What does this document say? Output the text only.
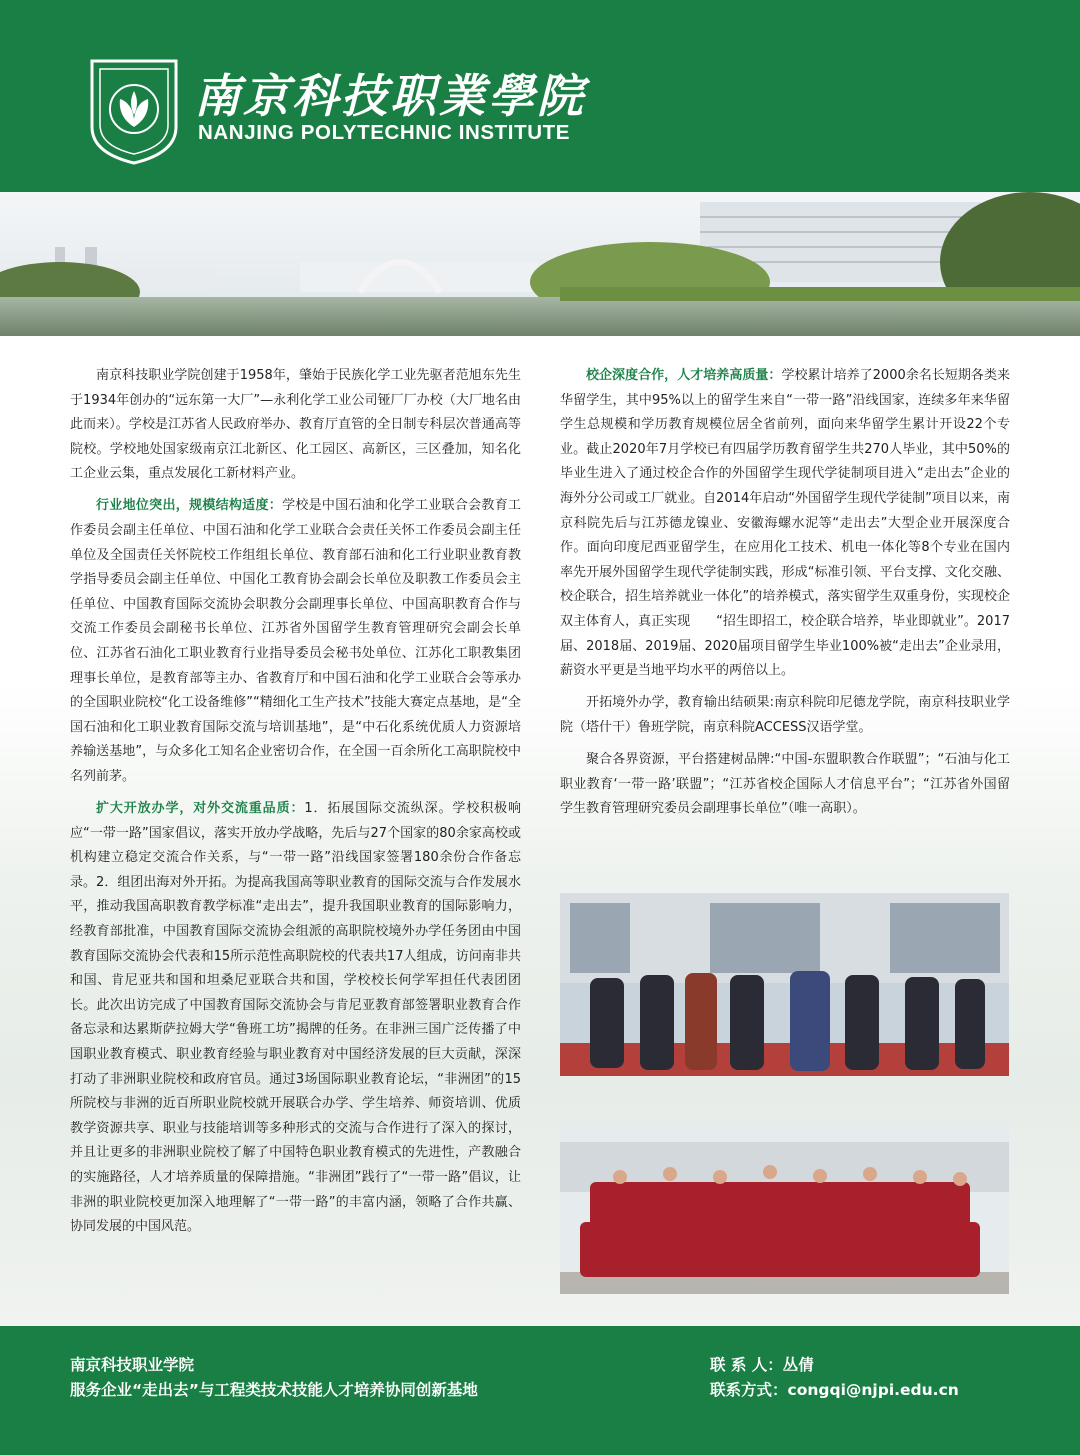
南京科技职業學院
NANJING POLYTECHNIC INSTITUTE

南京科技职业学院创建于1958年，肇始于民族化学工业先驱者范旭东先生于1934年创办的“远东第一大厂”—永利化学工业公司铔厂厂办校（大厂地名由此而来）。学校是江苏省人民政府举办、教育厅直管的全日制专科层次普通高等院校。学校地处国家级南京江北新区、化工园区、高新区，三区叠加，知名化工企业云集，重点发展化工新材料产业。

行业地位突出，规模结构适度：学校是中国石油和化学工业联合会教育工作委员会副主任单位、中国石油和化学工业联合会责任关怀工作委员会副主任单位及全国责任关怀院校工作组组长单位、教育部石油和化工行业职业教育教学指导委员会副主任单位、中国化工教育协会副会长单位及职教工作委员会主任单位、中国教育国际交流协会职教分会副理事长单位、中国高职教育合作与交流工作委员会副秘书长单位、江苏省外国留学生教育管理研究会副会长单位、江苏省石油化工职业教育行业指导委员会秘书处单位、江苏化工职教集团理事长单位，是教育部等主办、省教育厅和中国石油和化学工业联合会等承办的全国职业院校“化工设备维修”“精细化工生产技术”技能大赛定点基地，是“全国石油和化工职业教育国际交流与培训基地”，是“中石化系统优质人力资源培养输送基地”，与众多化工知名企业密切合作，在全国一百余所化工高职院校中名列前茅。

扩大开放办学，对外交流重品质：1．拓展国际交流纵深。学校积极响应“一带一路”国家倡议，落实开放办学战略，先后与27个国家的80余家高校或机构建立稳定交流合作关系，与“一带一路”沿线国家签署180余份合作备忘录。2．组团出海对外开拓。为提高我国高等职业教育的国际交流与合作发展水平，推动我国高职教育教学标准“走出去”，提升我国职业教育的国际影响力，经教育部批准，中国教育国际交流协会组派的高职院校境外办学任务团由中国教育国际交流协会代表和15所示范性高职院校的代表共17人组成，访问南非共和国、肯尼亚共和国和坦桑尼亚联合共和国，学校校长何学军担任代表团团长。此次出访完成了中国教育国际交流协会与肯尼亚教育部签署职业教育合作备忘录和达累斯萨拉姆大学“鲁班工坊”揭牌的任务。在非洲三国广泛传播了中国职业教育模式、职业教育经验与职业教育对中国经济发展的巨大贡献，深深打动了非洲职业院校和政府官员。通过3场国际职业教育论坛，“非洲团”的15所院校与非洲的近百所职业院校就开展联合办学、学生培养、师资培训、优质教学资源共享、职业与技能培训等多种形式的交流与合作进行了深入的探讨，并且让更多的非洲职业院校了解了中国特色职业教育模式的先进性，产教融合的实施路径，人才培养质量的保障措施。“非洲团”践行了“一带一路”倡议，让非洲的职业院校更加深入地理解了“一带一路”的丰富内涵，领略了合作共赢、协同发展的中国风范。

校企深度合作，人才培养高质量：学校累计培养了2000余名长短期各类来华留学生，其中95%以上的留学生来自“一带一路”沿线国家，连续多年来华留学生总规模和学历教育规模位居全省前列，面向来华留学生累计开设22个专业。截止2020年7月学校已有四届学历教育留学生共270人毕业，其中50%的毕业生进入了通过校企合作的外国留学生现代学徒制项目进入“走出去”企业的海外分公司或工厂就业。自2014年启动“外国留学生现代学徒制”项目以来，南京科院先后与江苏德龙镍业、安徽海螺水泥等“走出去”大型企业开展深度合作。面向印度尼西亚留学生，在应用化工技术、机电一体化等8个专业在国内率先开展外国留学生现代学徒制实践，形成“标准引领、平台支撑、文化交融、校企联合，招生培养就业一体化”的培养模式，落实留学生双重身份，实现校企双主体育人，真正实现　　“招生即招工，校企联合培养，毕业即就业”。2017届、2018届、2019届、2020届项目留学生毕业100%被“走出去”企业录用，薪资水平更是当地平均水平的两倍以上。

开拓境外办学，教育输出结硕果:南京科院印尼德龙学院，南京科技职业学院（塔什干）鲁班学院，南京科院ACCESS汉语学堂。

聚合各界资源，平台搭建树品牌:“中国-东盟职教合作联盟”；“石油与化工职业教育‘一带一路’联盟”；“江苏省校企国际人才信息平台”；“江苏省外国留学生教育管理研究委员会副理事长单位”（唯一高职）。

南京科技职业学院
服务企业“走出去”与工程类技术技能人才培养协同创新基地
联 系 人：丛倩
联系方式：congqi@njpi.edu.cn
